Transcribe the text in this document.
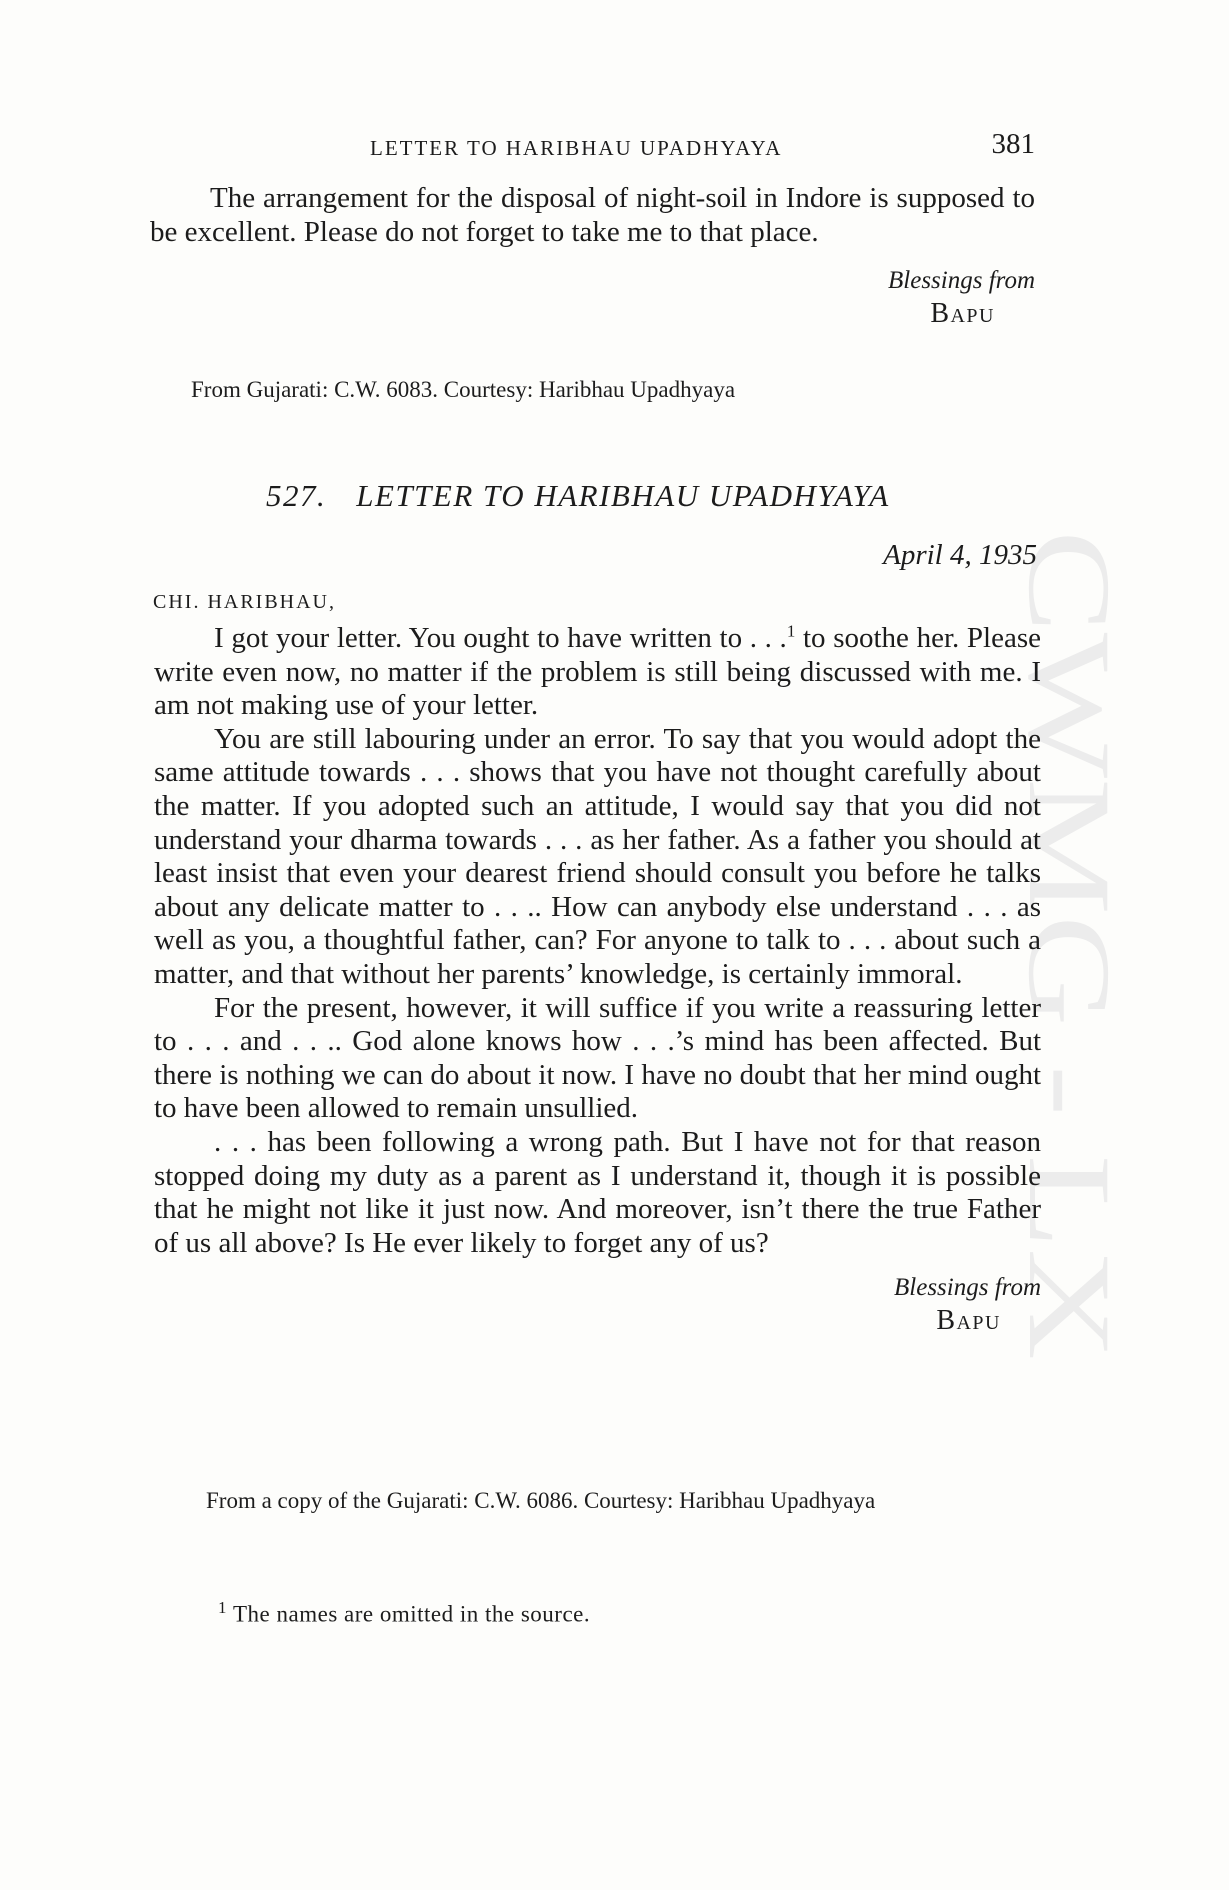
CWMG - LX
LETTER TO HARIBHAU UPADHYAYA	381

The arrangement for the disposal of night-soil in Indore is supposed to be excellent. Please do not forget to take me to that place.

Blessings from
Bapu
From Gujarati: C.W. 6083. Courtesy: Haribhau Upadhyaya
527. LETTER TO HARIBHAU UPADHYAYA
April 4, 1935
CHI. HARIBHAU,

I got your letter. You ought to have written to . . .$^1$ to soothe her. Please write even now, no matter if the problem is still being discussed with me. I am not making use of your letter.

You are still labouring under an error. To say that you would adopt the same attitude towards . . . shows that you have not thought carefully about the matter. If you adopted such an attitude, I would say that you did not understand your dharma towards . . . as her father. As a father you should at least insist that even your dearest friend should consult you before he talks about any delicate matter to . . .. How can anybody else understand . . . as well as you, a thoughtful father, can? For anyone to talk to . . . about such a matter, and that without her parents’ knowledge, is certainly immoral.

For the present, however, it will suffice if you write a reassuring letter to . . . and . . .. God alone knows how . . .’s mind has been affected. But there is nothing we can do about it now. I have no doubt that her mind ought to have been allowed to remain unsullied.

. . . has been following a wrong path. But I have not for that reason stopped doing my duty as a parent as I understand it, though it is possible that he might not like it just now. And moreover, isn’t there the true Father of us all above? Is He ever likely to forget any of us?

Blessings from
Bapu
From a copy of the Gujarati: C.W. 6086. Courtesy: Haribhau Upadhyaya
$^1$ The names are omitted in the source.
